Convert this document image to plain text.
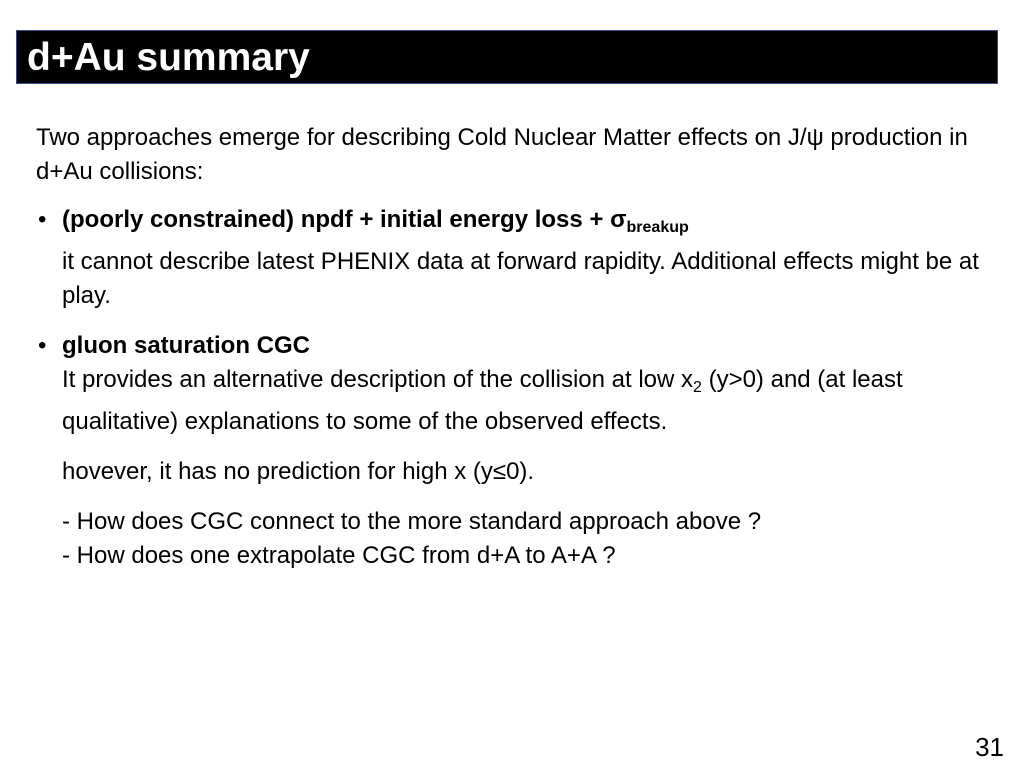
d+Au summary

Two approaches emerge for describing Cold Nuclear Matter effects on J/ψ production in d+Au collisions:

• (poorly constrained) npdf + initial energy loss + $\sigma_{breakup}$
it cannot describe latest PHENIX data at forward rapidity. Additional effects might be at play.
• gluon saturation CGC
It provides an alternative description of the collision at low $x_2$ (y>0) and (at least qualitative) explanations to some of the observed effects.

hovever, it has no prediction for high x (y≤0).

- How does CGC connect to the more standard approach above ?
- How does one extrapolate CGC from d+A to A+A ?
31
